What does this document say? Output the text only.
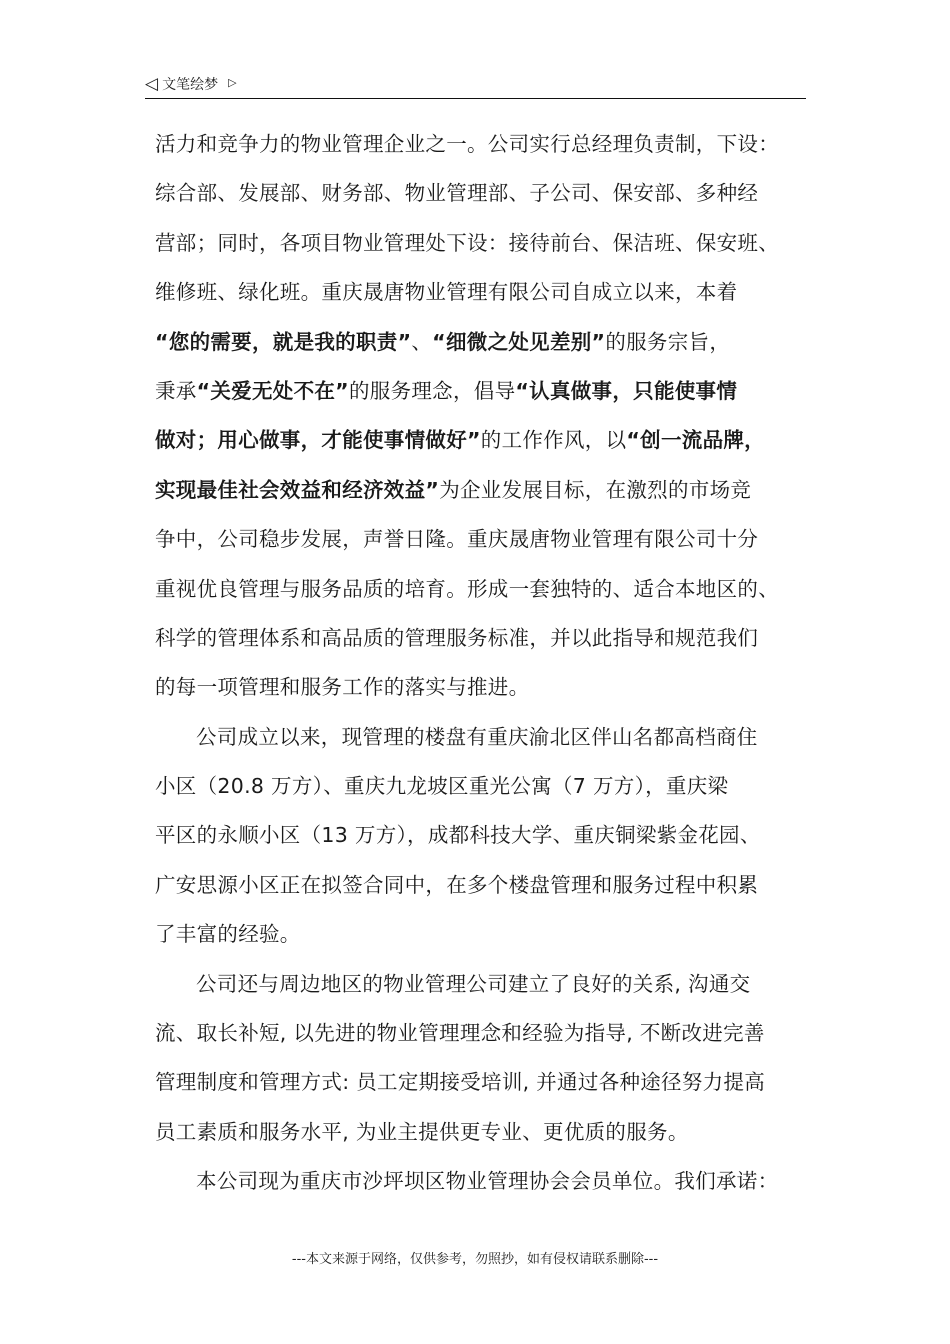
◁ 文笔绘梦 ▷
活力和竞争力的物业管理企业之一。公司实行总经理负责制，下设：
综合部、发展部、财务部、物业管理部、子公司、保安部、多种经
营部；同时，各项目物业管理处下设：接待前台、保洁班、保安班、
维修班、绿化班。重庆晟唐物业管理有限公司自成立以来，本着
“您的需要，就是我的职责”、“细微之处见差别”的服务宗旨，
秉承“关爱无处不在”的服务理念，倡导“认真做事，只能使事情
做对；用心做事，才能使事情做好”的工作作风，以“创一流品牌，
实现最佳社会效益和经济效益”为企业发展目标，在激烈的市场竞
争中，公司稳步发展，声誉日隆。重庆晟唐物业管理有限公司十分
重视优良管理与服务品质的培育。形成一套独特的、适合本地区的、
科学的管理体系和高品质的管理服务标准，并以此指导和规范我们
的每一项管理和服务工作的落实与推进。
公司成立以来，现管理的楼盘有重庆渝北区伴山名都高档商住
小区（20.8 万方）、重庆九龙坡区重光公寓（7 万方），重庆梁
平区的永顺小区（13 万方），成都科技大学、重庆铜梁紫金花园、
广安思源小区正在拟签合同中，在多个楼盘管理和服务过程中积累
了丰富的经验。
公司还与周边地区的物业管理公司建立了良好的关系, 沟通交
流、取长补短, 以先进的物业管理理念和经验为指导, 不断改进完善
管理制度和管理方式: 员工定期接受培训, 并通过各种途径努力提高
员工素质和服务水平, 为业主提供更专业、更优质的服务。
本公司现为重庆市沙坪坝区物业管理协会会员单位。我们承诺：
---本文来源于网络，仅供参考，勿照抄，如有侵权请联系删除---
